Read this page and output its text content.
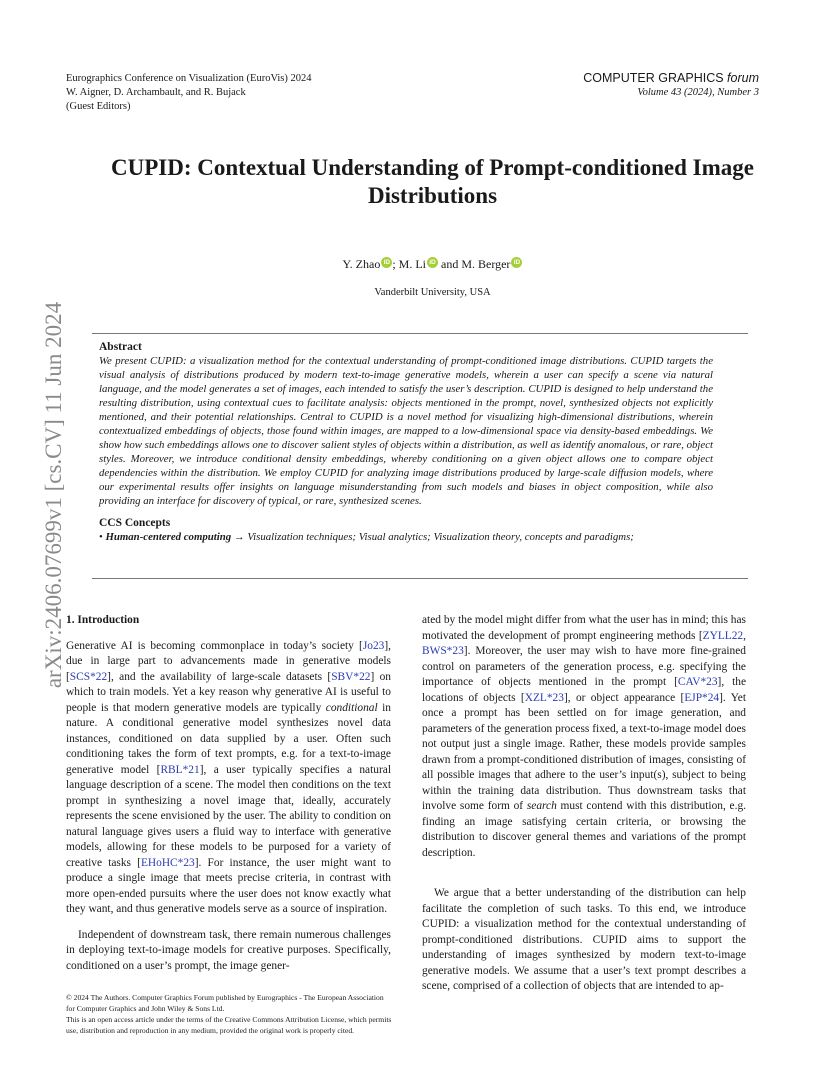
Eurographics Conference on Visualization (EuroVis) 2024
W. Aigner, D. Archambault, and R. Bujack
(Guest Editors)
COMPUTER GRAPHICS forum
Volume 43 (2024), Number 3
arXiv:2406.07699v1 [cs.CV] 11 Jun 2024
CUPID: Contextual Understanding of Prompt-conditioned Image
Distributions
Y. Zhao iD ; M. Li iD and M. Berger iD
Vanderbilt University, USA
Abstract
We present CUPID: a visualization method for the contextual understanding of prompt-conditioned image distributions. CUPID targets the visual analysis of distributions produced by modern text-to-image generative models, wherein a user can specify a scene via natural language, and the model generates a set of images, each intended to satisfy the user’s description. CUPID is designed to help understand the resulting distribution, using contextual cues to facilitate analysis: objects mentioned in the prompt, novel, synthesized objects not explicitly mentioned, and their potential relationships. Central to CUPID is a novel method for visualizing high-dimensional distributions, wherein contextualized embeddings of objects, those found within images, are mapped to a low-dimensional space via density-based embeddings. We show how such embeddings allows one to discover salient styles of objects within a distribution, as well as identify anomalous, or rare, object styles. Moreover, we introduce conditional density embeddings, whereby conditioning on a given object allows one to compare object dependencies within the distribution. We employ CUPID for analyzing image distributions produced by large-scale diffusion models, where our experimental results offer insights on language misunderstanding from such models and biases in object composition, while also providing an interface for discovery of typical, or rare, synthesized scenes.
CCS Concepts
• Human-centered computing → Visualization techniques; Visual analytics; Visualization theory, concepts and paradigms;

1. Introduction

Generative AI is becoming commonplace in today’s society [Jo23], due in large part to advancements made in generative models [SCS*22], and the availability of large-scale datasets [SBV*22] on which to train models. Yet a key reason why generative AI is useful to people is that modern generative models are typically conditional in nature. A conditional generative model synthesizes novel data instances, conditioned on data supplied by a user. Often such conditioning takes the form of text prompts, e.g. for a text-to-image generative model [RBL*21], a user typically specifies a natural language description of a scene. The model then conditions on the text prompt in synthesizing a novel image that, ideally, accurately represents the scene envisioned by the user. The ability to condition on natural language gives users a fluid way to interface with generative models, allowing for these models to be purposed for a variety of creative tasks [EHoHC*23]. For instance, the user might want to produce a single image that meets precise criteria, in contrast with more open-ended pursuits where the user does not know exactly what they want, and thus generative models serve as a source of inspiration.

Independent of downstream task, there remain numerous challenges in deploying text-to-image models for creative purposes. Specifically, conditioned on a user’s prompt, the image gener-

ated by the model might differ from what the user has in mind; this has motivated the development of prompt engineering methods [ZYLL22, BWS*23]. Moreover, the user may wish to have more fine-grained control on parameters of the generation process, e.g. specifying the importance of objects mentioned in the prompt [CAV*23], the locations of objects [XZL*23], or object appearance [EJP*24]. Yet once a prompt has been settled on for image generation, and parameters of the generation process fixed, a text-to-image model does not output just a single image. Rather, these models provide samples drawn from a prompt-conditioned distribution of images, consisting of all possible images that adhere to the user’s input(s), subject to being within the training data distribution. Thus downstream tasks that involve some form of search must contend with this distribution, e.g. finding an image satisfying certain criteria, or browsing the distribution to discover general themes and variations of the prompt description.

We argue that a better understanding of the distribution can help facilitate the completion of such tasks. To this end, we introduce CUPID: a visualization method for the contextual understanding of prompt-conditioned distributions. CUPID aims to support the understanding of images synthesized by modern text-to-image generative models. We assume that a user’s text prompt describes a scene, comprised of a collection of objects that are intended to ap-

© 2024 The Authors. Computer Graphics Forum published by Eurographics - The European Association for Computer Graphics and John Wiley & Sons Ltd.
This is an open access article under the terms of the Creative Commons Attribution License, which permits use, distribution and reproduction in any medium, provided the original work is properly cited.
